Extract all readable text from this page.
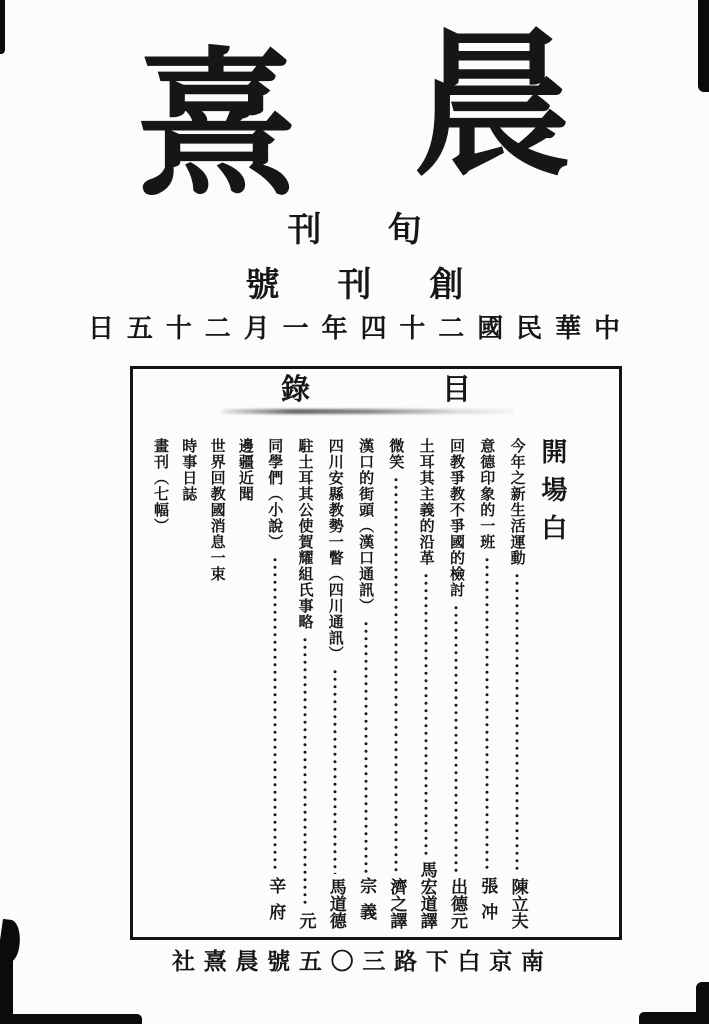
晨
熹
旬
刊
創
刊
號
中
華
民
國
二
十
四
年
一
月
二
十
五
日
目
錄
開場白
今年之新生活運動
陳立夫
意德印象的一班
張冲
回教爭教不爭國的檢討
出德元
土耳其主義的沿革
馬宏道譯
微笑
濟之譯
漢口的街頭︵漢口通訊︶
宗義
四川安縣教勢一瞥︵四川通訊︶
馬道德
駐土耳其公使賀耀組氏事略
元
同學們︵小說︶
辛府
邊疆近聞
世界回教國消息一束
時事日誌
畫刊︵七幅︶
南
京
白
下
路
三
〇
五
號
晨
熹
社
